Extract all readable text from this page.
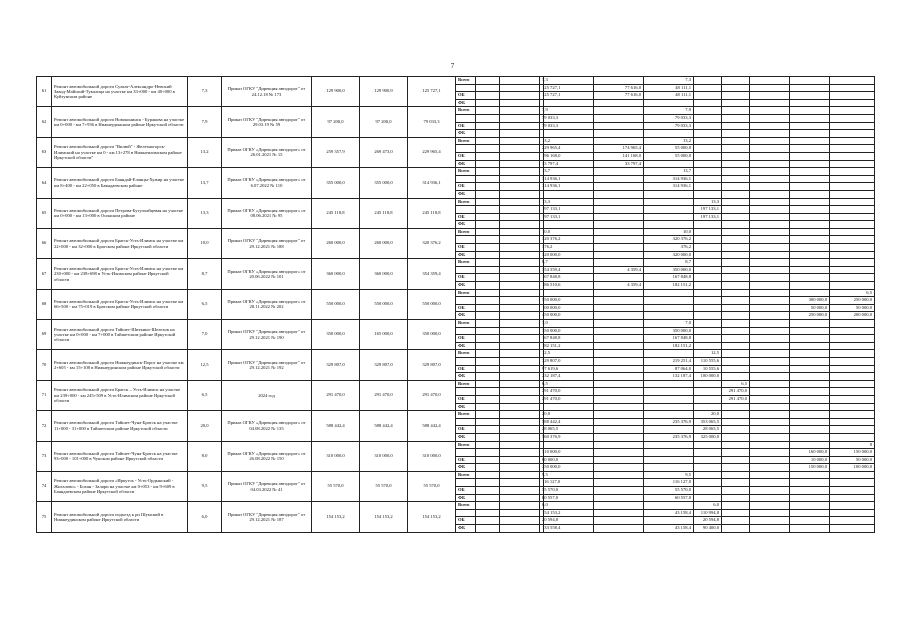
7
61	Ремонт автомобильной дороги Сулкат-Александро-Невский Завод-Майский-Тукалица на участке км 33+000 - км 40+000 в Куйтунском районе	7,3	Приказ ОГКУ "Дирекция автодорог" от 24.12.18 № 173	129 900,0	129 900,9	125 727,1	Всего			7,3			7,3					
										125 727,1		77 616,0	48 111,1					
							ОБ			125 727,1		77 616,0	48 111,1					
							ФБ											
62	Ремонт автомобильной дороги Новоконинск - Буракова на участке км 0+000 - км 7+936 в Нижнеудинском районе Иркутской области	7,9	Приказ ОГКУ "Дирекция автодорог" от 29.03.19 № 59	97 200,0	97 200,0	79 033,3	Всего			7,9			7,9					
										79 033,3			79 033,3					
							ОБ			79 033,3			79 033,3					
							ФБ											
63	Ремонт автомобильной дороги "Вилюй" - Железногорск-Илимский на участке км 0 - км 13+278 в Нижнеилимском районе Иркутской области"	13,2	Приказ ОГКУ «Дирекция автодорог» от 26.01.2021 № 15	259 357,9	269 473,0	229 965,4	Всего			13,2			13,2					
										229 965,4		174 965,4	55 000,0					
							ОБ			196 168,0		141 168,0	55 000,0					
							ФБ			33 797,4		33 797,4						
64	Ремонт автомобильной дороги Баяндай-Еланцы-Хужир на участке км 8+400 - км 22+050 в Баяндаевском районе	13,7	Приказ ОГКУ «Дирекция автодорог» от 6.07.2022 № 110	355 000,0	355 000,0	314 936,1	Всего			13,7			13,7					
										314 936,1			314 936,1					
							ОБ			314 936,1			314 936,1					
							ФБ											
65	Ремонт автомобильной дороги Петрова-Бутулхайцевая на участке км 0+000 - км 13+000 в Осинском районе	13,3	Приказ ОГКУ «Дирекция автодорог» от 08.06.2021 № 95	245 118,8	245 118,8	245 118,8	Всего			13,3				13,3				
										197 133,1				197 133,1				
							ОБ			197 133,1				197 133,1				
							ФБ											
66	Ремонт автомобильной дороги Братск-Усть-Илимск на участке км 22+000 - км 32+000 в Братском районе Иркутской области	10,0	Приказ ОГКУ "Дирекция автодорог" от 29.12.2021 № 188	260 000,0	260 000,0	320 376,2	Всего			10,0			10,0					
										320 376,2			320 376,2					
							ОБ			376,2			376,2					
							ФБ			320 000,0			320 000,0					
67	Ремонт автомобильной дороги Братск-Усть-Илимск на участке км 230+000 - км 238+698 в Усть-Илимском районе Иркутской области	8,7	Приказ ОГКУ «Дирекция автодорог» от 20.06.2022 № 101	360 000,0	360 000,0	354 359,4	Всего			8,7			8,7					
										354 359,4		4 359,4	350 000,0					
							ОБ			167 848,8			167 848,8					
							ФБ			186 510,6		4 359,4	182 151,2					
68	Ремонт автомобильной дороги Братск-Усть-Илимск на участке км 66+500 - км 75+019 в Братском районе Иркутской области	6,5	Приказ ОГКУ «Дирекция автодорог» от 28.11.2022 № 202	550 000,0	550 000,0	550 000,0	Всего											6,5
										550 000,0							300 000,0	250 000,0
							ОБ			100 000,0							50 000,0	50 000,0
							ФБ			450 000,0							250 000,0	200 000,0
69	Ремонт автомобильной дороги Тайшет-Шиткино-Шелехов на участке км 0+000 - км 7+000 в Тайшетском районе Иркутской области	7,0	Приказ ОГКУ "Дирекция автодорог" от 29.12.2021 № 190	350 000,0	165 000,0	350 000,0	Всего			7,0			7,0					
										350 000,0			350 000,0					
							ОБ			167 848,8			167 848,8					
							ФБ			182 151,2			182 151,2					
70	Ремонт автомобильной дороги Нижнеудинск-Порог на участке км 2+605 - км 15+108 в Нижнеудинском районе Иркутской области	12,5	Приказ ОГКУ "Дирекция автодорог" от 29.12.2021 № 192	329 807,0	329 807,0	329 807,0	Всего			12,5				12,5				
										329 807,0			219 251,4	110 555,6				
							ОБ			97 619,6			87 064,0	10 555,6				
							ФБ			232 187,4			132 187,4	100 000,0				
71	Ремонт автомобильной дороги Братск – Усть-Илимск на участке км 239+000 - км 245+509 в Усть-Илимском районе Иркутской области	6,5	2024 год	291 470,0	291 470,0	291 470,0	Всего			6,5					6,5			
										291 470,0					291 470,0			
							ОБ			291 470,0					291 470,0			
							ФБ											
72	Ремонт автомобильной дороги Тайшет-Чуна-Братск на участке 11+000 - 31+000 в Тайшетском районе Иркутской области	20,0	Приказ ОГКУ «Дирекция автодорог» от 04.08.2022 № 135	588 442,4	588 442,4	588 442,4	Всего			20,0				20,0				
										588 442,4			235 376,9	353 065,5				
							ОБ			28 065,5				28 065,5				
							ФБ			560 376,9			235 376,9	325 000,0				
73	Ремонт автомобильной дороги Тайшет-Чуна-Братск на участке 93+000 - 101+000 в Чунском районе Иркутской области	8,0	Приказ ОГКУ «Дирекция автодорог» от 26.08.2022 № 150	310 000,0	310 000,0	310 000,0	Всего											8
										310 000,0							160 000,0	150 000,0
							ОБ			60 000,0							10 000,0	50 000,0
							ФБ			250 000,0							150 000,0	100 000,0
74	Ремонт автомобильной дороги «Иркутск - Усть-Ордынский - Жигалово» - Бохан - Залари на участке км 0+053 - км 9+609 в Баяндаевском районе Иркутской области	9,5	Приказ ОГКУ "Дирекция автодорог" от 04.03.2022 № 41	55 570,0	55 570,0	55 570,0	Всего			9,5			9,5					
										116 127,0			116 127,0					
							ОБ			55 570,0			55 570,0					
							ФБ			60 557,0			60 557,0					
75	Ремонт автомобильной дороги подъезд к рп Шумский в Нижнеудинском районе Иркутской области	6,0	Приказ ОГКУ "Дирекция автодорог" от 29.12.2021 № 187	154 153,2	154 153,2	154 153,2	Всего			6,0				6,0				
										154 153,2			43 158,4	110 994,8				
							ОБ			20 594,8				20 594,8				
							ФБ			133 558,4			43 158,4	90 400,0				
